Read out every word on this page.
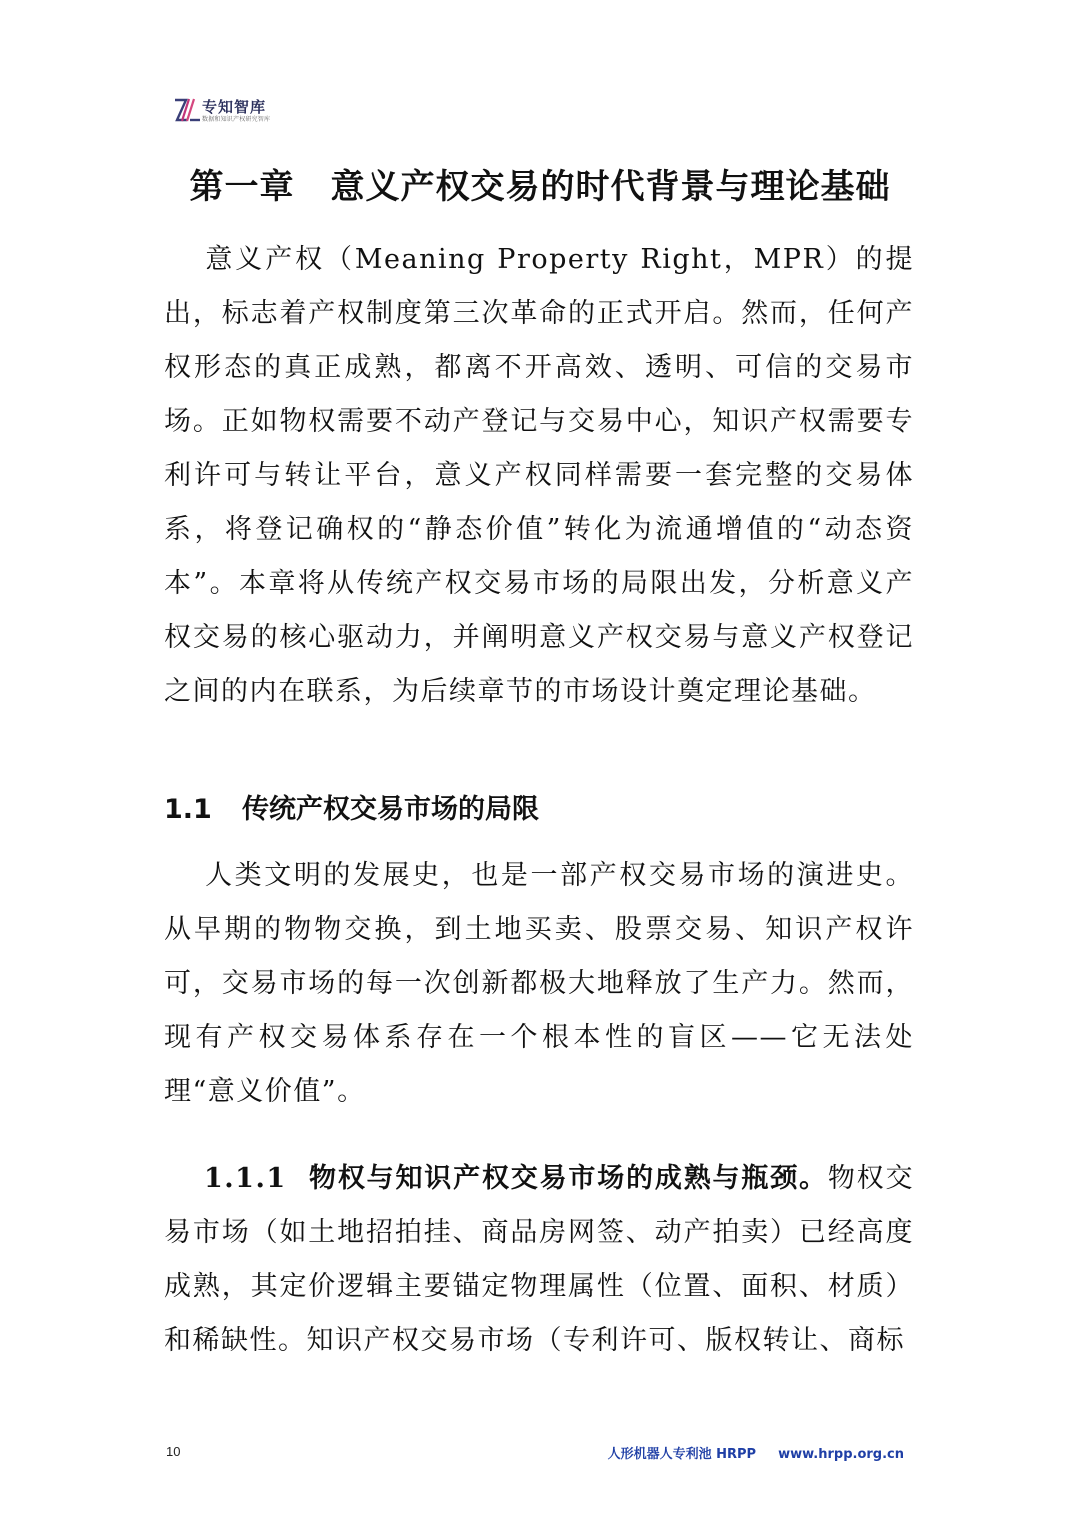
专知智库
数据和知识产权研究智库
第一章 意义产权交易的时代背景与理论基础

意义产权（Meaning Property Right，MPR）的提出，标志着产权制度第三次革命的正式开启。然而，任何产权形态的真正成熟，都离不开高效、透明、可信的交易市场。正如物权需要不动产登记与交易中心，知识产权需要专利许可与转让平台，意义产权同样需要一套完整的交易体系，将登记确权的“静态价值”转化为流通增值的“动态资本”。本章将从传统产权交易市场的局限出发，分析意义产权交易的核心驱动力，并阐明意义产权交易与意义产权登记之间的内在联系，为后续章节的市场设计奠定理论基础。

1.1 传统产权交易市场的局限

人类文明的发展史，也是一部产权交易市场的演进史。从早期的物物交换，到土地买卖、股票交易、知识产权许可，交易市场的每一次创新都极大地释放了生产力。然而，现有产权交易体系存在一个根本性的盲区——它无法处理“意义价值”。

1.1.1 物权与知识产权交易市场的成熟与瓶颈。物权交易市场（如土地招拍挂、商品房网签、动产拍卖）已经高度成熟，其定价逻辑主要锚定物理属性（位置、面积、材质）和稀缺性。知识产权交易市场（专利许可、版权转让、商标

10	人形机器人专利池 HRPP www.hrpp.org.cn
